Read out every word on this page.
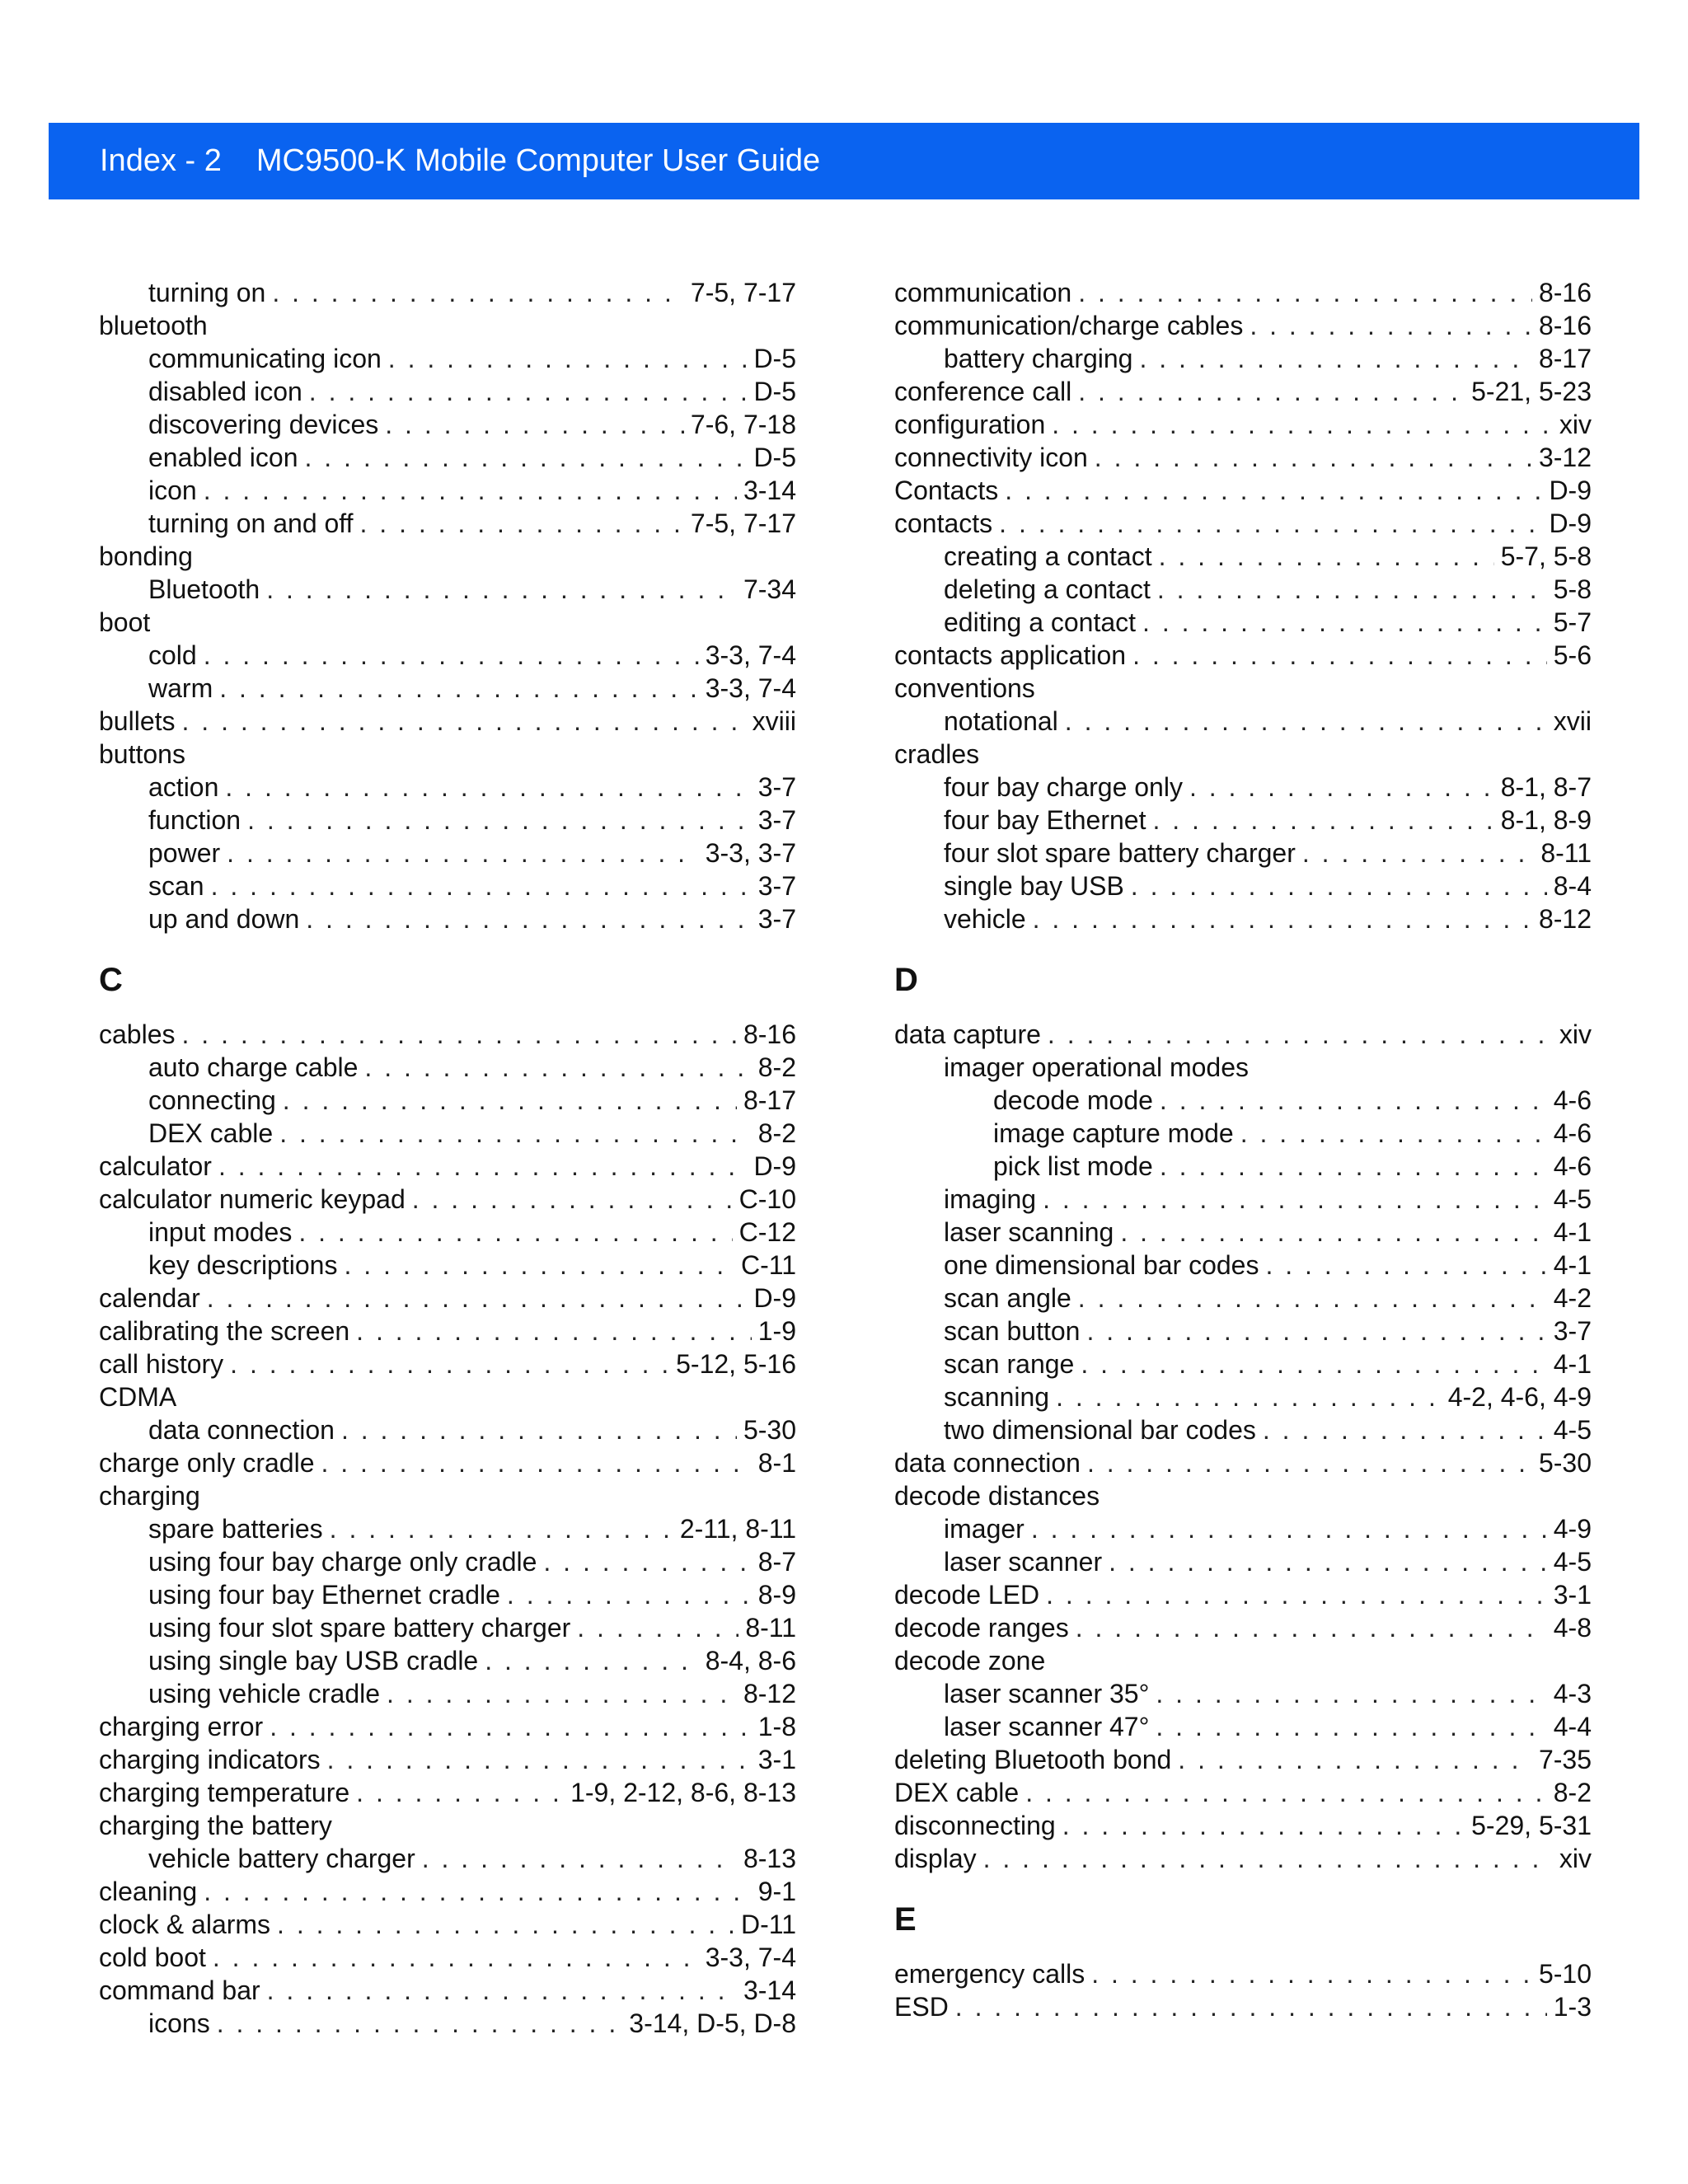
Index - 2 MC9500-K Mobile Computer User Guide
turning on . . .	7-5, 7-17
bluetooth
communicating icon . . .	D-5
disabled icon . . .	D-5
discovering devices . . .	7-6, 7-18
enabled icon . . .	D-5
icon . . .	3-14
turning on and off . . .	7-5, 7-17
bonding
Bluetooth . . .	7-34
boot
cold . . .	3-3, 7-4
warm . . .	3-3, 7-4
bullets . . .	xviii
buttons
action . . .	3-7
function . . .	3-7
power . . .	3-3, 3-7
scan . . .	3-7
up and down . . .	3-7
C
cables . . .	8-16
auto charge cable . . .	8-2
connecting . . .	8-17
DEX cable . . .	8-2
calculator . . .	D-9
calculator numeric keypad . . .	C-10
input modes . . .	C-12
key descriptions . . .	C-11
calendar . . .	D-9
calibrating the screen . . .	1-9
call history . . .	5-12, 5-16
CDMA
data connection . . .	5-30
charge only cradle . . .	8-1
charging
spare batteries . . .	2-11, 8-11
using four bay charge only cradle . . .	8-7
using four bay Ethernet cradle . . .	8-9
using four slot spare battery charger . . .	8-11
using single bay USB cradle . . .	8-4, 8-6
using vehicle cradle . . .	8-12
charging error . . .	1-8
charging indicators . . .	3-1
charging temperature . . .	1-9, 2-12, 8-6, 8-13
charging the battery
vehicle battery charger . . .	8-13
cleaning . . .	9-1
clock & alarms . . .	D-11
cold boot . . .	3-3, 7-4
command bar . . .	3-14
icons . . .	3-14, D-5, D-8
communication . . .	8-16
communication/charge cables . . .	8-16
battery charging . . .	8-17
conference call . . .	5-21, 5-23
configuration . . .	xiv
connectivity icon . . .	3-12
Contacts . . .	D-9
contacts . . .	D-9
creating a contact . . .	5-7, 5-8
deleting a contact . . .	5-8
editing a contact . . .	5-7
contacts application . . .	5-6
conventions
notational . . .	xvii
cradles
four bay charge only . . .	8-1, 8-7
four bay Ethernet . . .	8-1, 8-9
four slot spare battery charger . . .	8-11
single bay USB . . .	8-4
vehicle . . .	8-12
D
data capture . . .	xiv
imager operational modes
decode mode . . .	4-6
image capture mode . . .	4-6
pick list mode . . .	4-6
imaging . . .	4-5
laser scanning . . .	4-1
one dimensional bar codes . . .	4-1
scan angle . . .	4-2
scan button . . .	3-7
scan range . . .	4-1
scanning . . .	4-2, 4-6, 4-9
two dimensional bar codes . . .	4-5
data connection . . .	5-30
decode distances
imager . . .	4-9
laser scanner . . .	4-5
decode LED . . .	3-1
decode ranges . . .	4-8
decode zone
laser scanner 35° . . .	4-3
laser scanner 47° . . .	4-4
deleting Bluetooth bond . . .	7-35
DEX cable . . .	8-2
disconnecting . . .	5-29, 5-31
display . . .	xiv
E
emergency calls . . .	5-10
ESD . . .	1-3
